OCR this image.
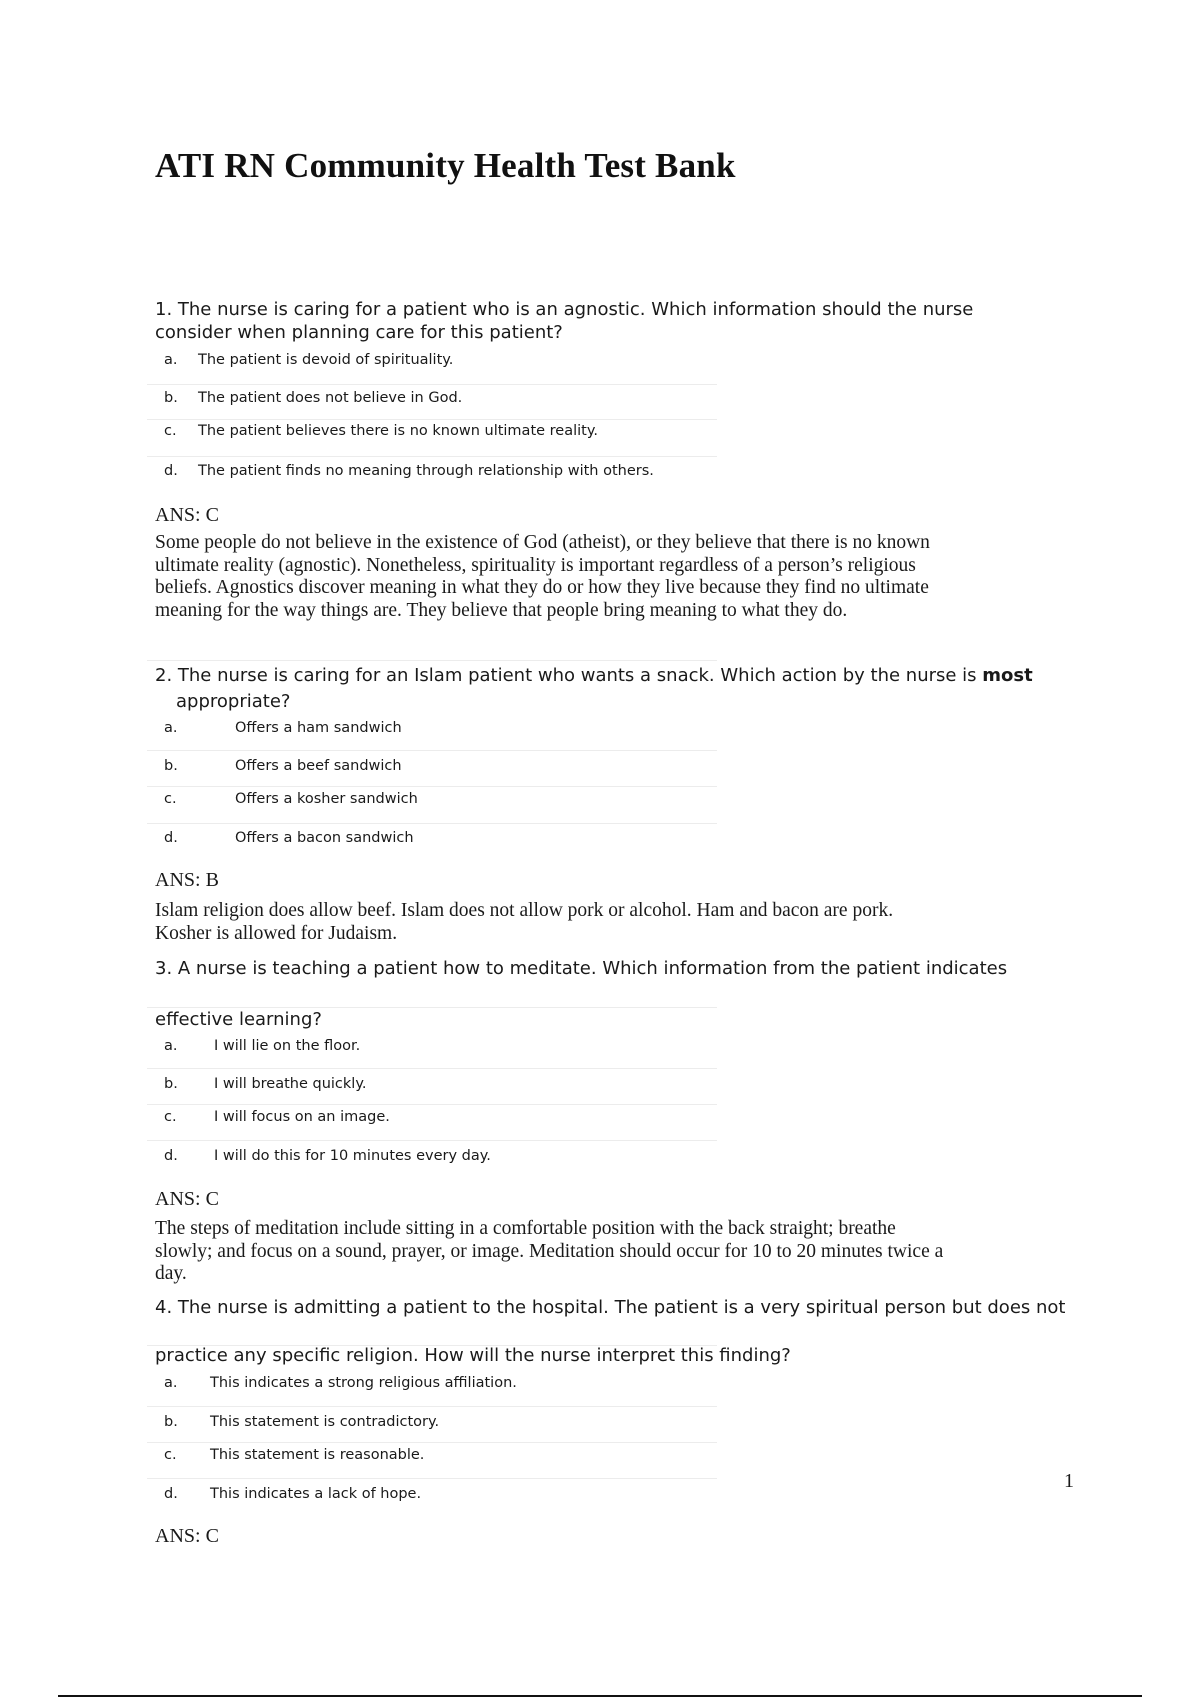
ATI RN Community Health Test Bank
1. The nurse is caring for a patient who is an agnostic. Which information should the nurse
consider when planning care for this patient?
a. The patient is devoid of spirituality.
b. The patient does not believe in God.
c. The patient believes there is no known ultimate reality.
d. The patient finds no meaning through relationship with others.

ANS: C

Some people do not believe in the existence of God (atheist), or they believe that there is no known
ultimate reality (agnostic). Nonetheless, spirituality is important regardless of a person’s religious
beliefs. Agnostics discover meaning in what they do or how they live because they find no ultimate
meaning for the way things are. They believe that people bring meaning to what they do.
2. The nurse is caring for an Islam patient who wants a snack. Which action by the nurse is most
appropriate?
a.	Offers a ham sandwich
b.	Offers a beef sandwich
c.	Offers a kosher sandwich
d.	Offers a bacon sandwich

ANS: B

Islam religion does allow beef. Islam does not allow pork or alcohol. Ham and bacon are pork.
Kosher is allowed for Judaism.
3. A nurse is teaching a patient how to meditate. Which information from the patient indicates
effective learning?
a.	I will lie on the floor.
b. I will breathe quickly.
c.	I will focus on an image.
d. I will do this for 10 minutes every day.

ANS: C

The steps of meditation include sitting in a comfortable position with the back straight; breathe
slowly; and focus on a sound, prayer, or image. Meditation should occur for 10 to 20 minutes twice a
day.
4. The nurse is admitting a patient to the hospital. The patient is a very spiritual person but does not
practice any specific religion. How will the nurse interpret this finding?
a. This indicates a strong religious affiliation.
b. This statement is contradictory.
c. This statement is reasonable.
d. This indicates a lack of hope.

ANS: C

1
